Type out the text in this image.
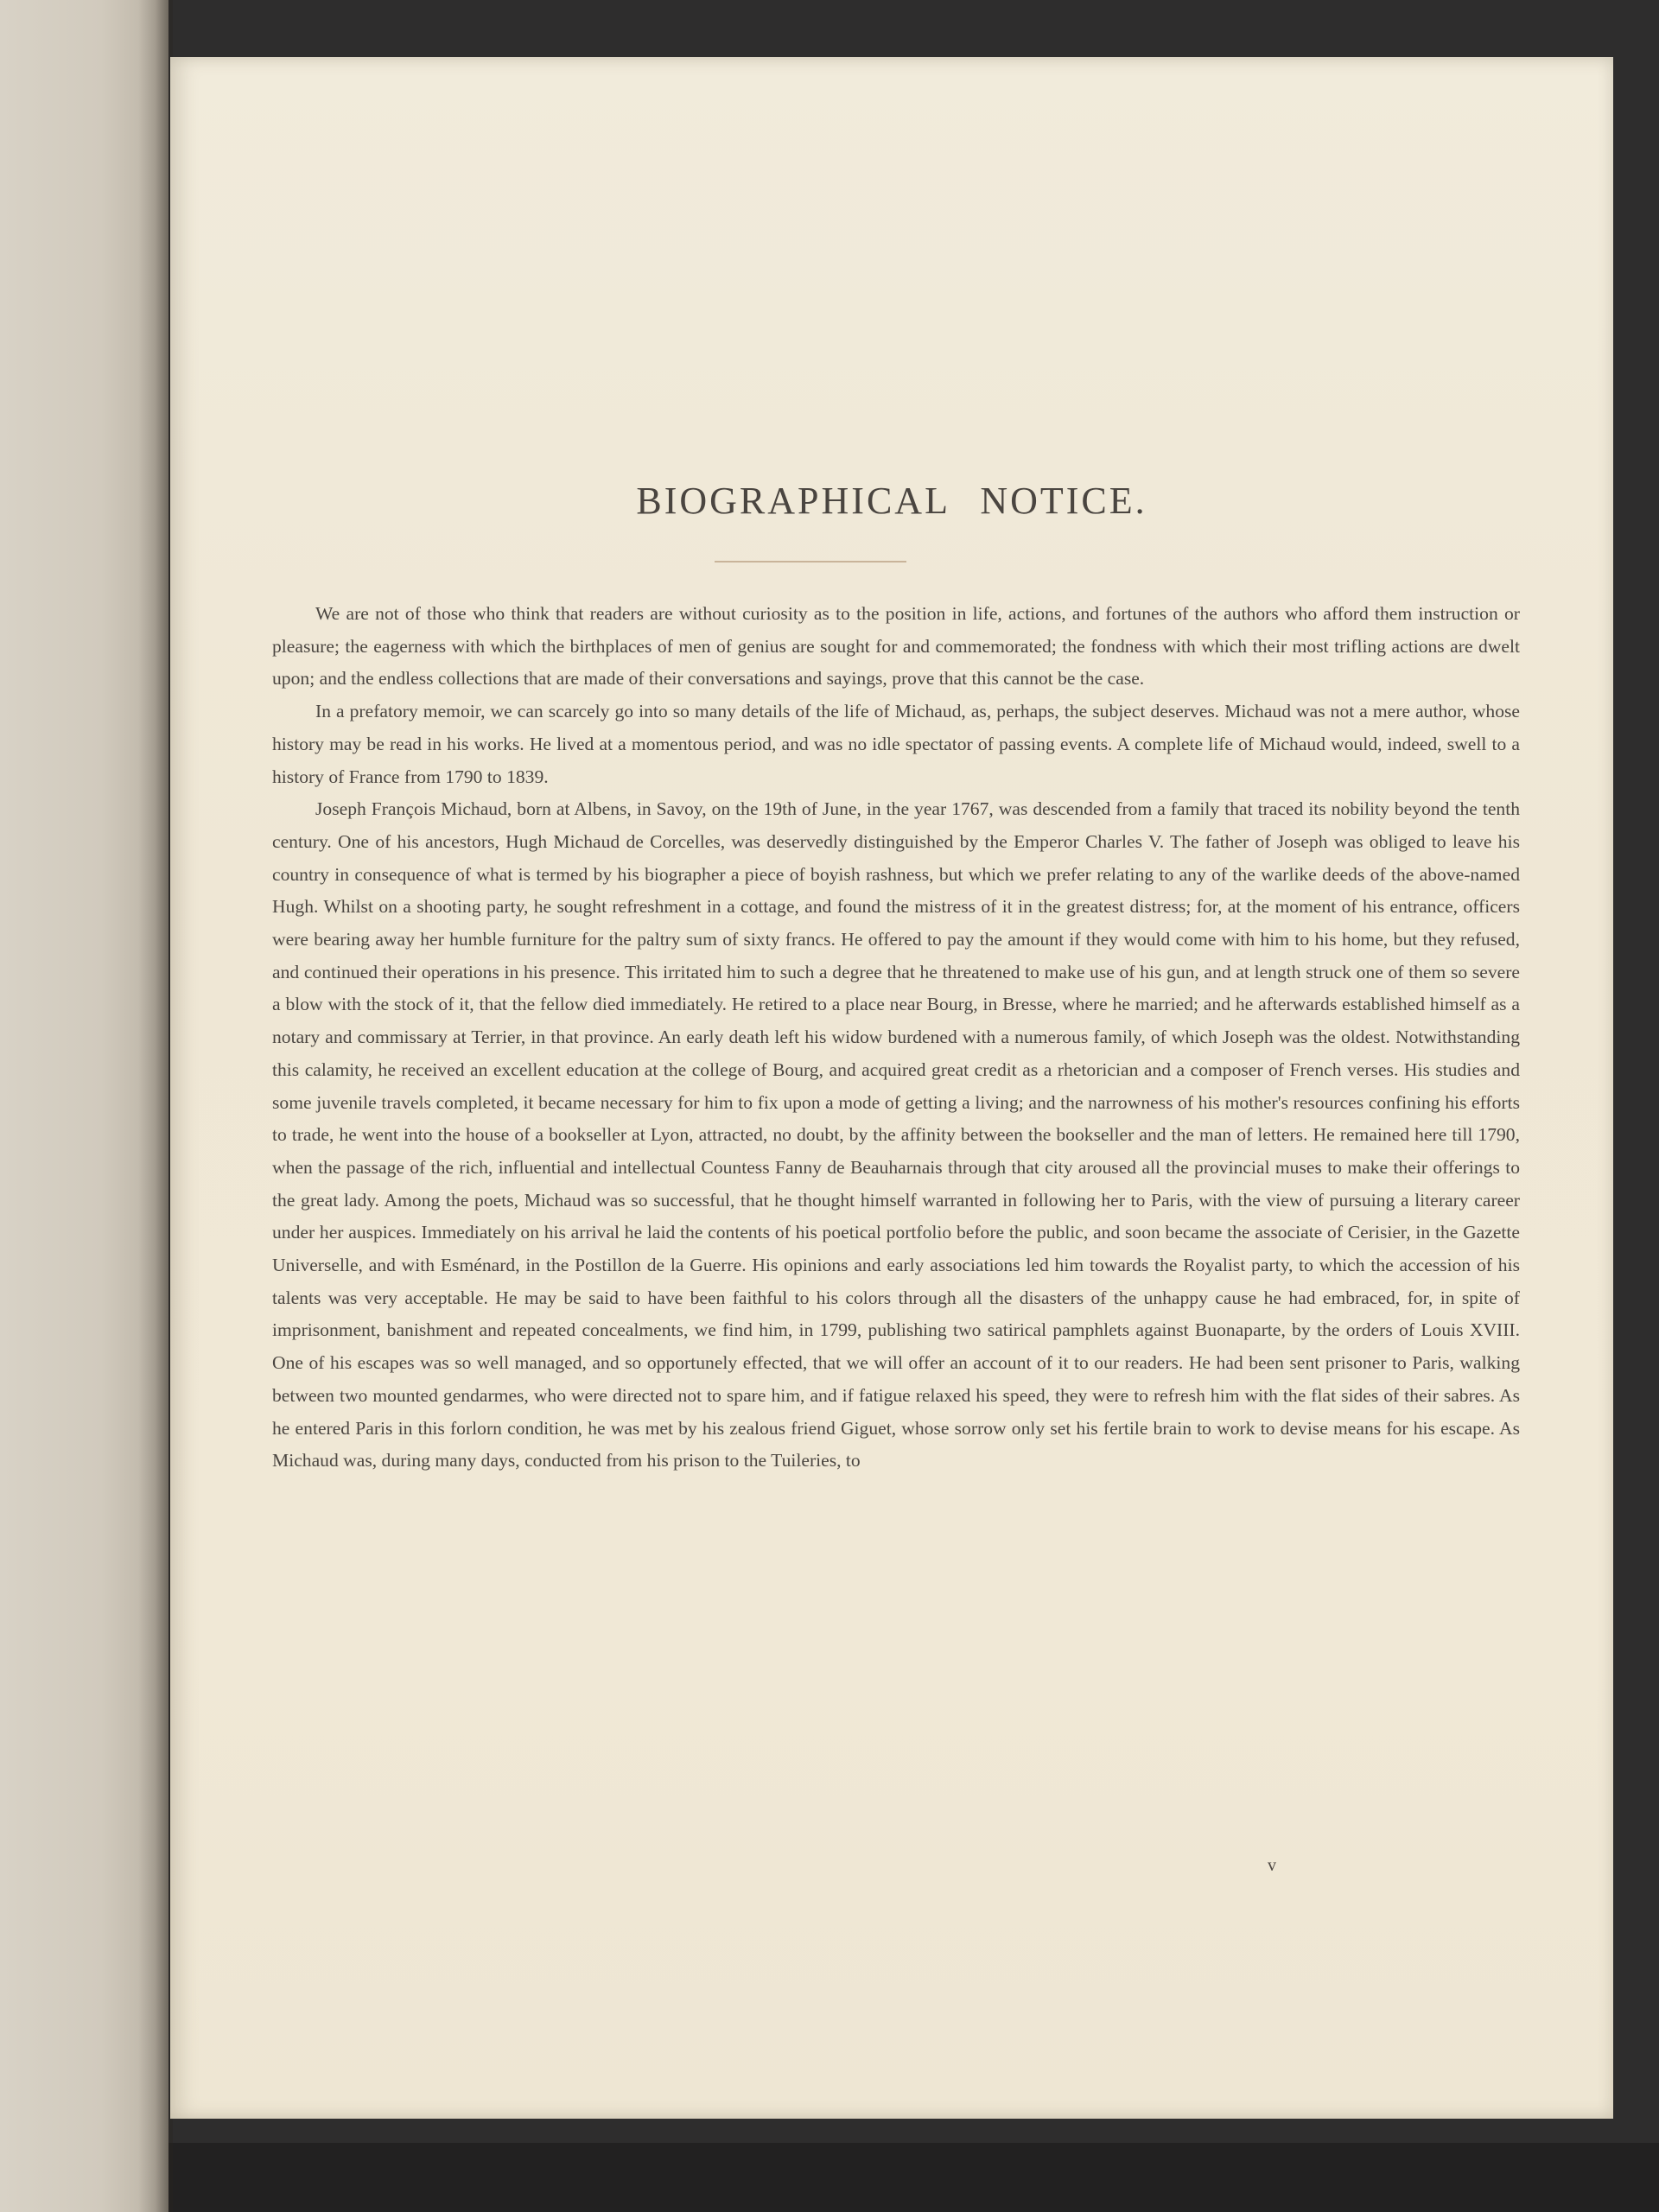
BIOGRAPHICAL NOTICE.

We are not of those who think that readers are without curiosity as to the position in life, actions, and fortunes of the authors who afford them instruction or pleasure; the eagerness with which the birthplaces of men of genius are sought for and commemorated; the fondness with which their most trifling actions are dwelt upon; and the endless collections that are made of their conversations and sayings, prove that this cannot be the case.

In a prefatory memoir, we can scarcely go into so many details of the life of Michaud, as, perhaps, the subject deserves. Michaud was not a mere author, whose history may be read in his works. He lived at a momentous period, and was no idle spectator of passing events. A complete life of Michaud would, indeed, swell to a history of France from 1790 to 1839.

Joseph François Michaud, born at Albens, in Savoy, on the 19th of June, in the year 1767, was descended from a family that traced its nobility beyond the tenth century. One of his ancestors, Hugh Michaud de Corcelles, was deservedly distinguished by the Emperor Charles V. The father of Joseph was obliged to leave his country in consequence of what is termed by his biographer a piece of boyish rashness, but which we prefer relating to any of the warlike deeds of the above-named Hugh. Whilst on a shooting party, he sought refreshment in a cottage, and found the mistress of it in the greatest distress; for, at the moment of his entrance, officers were bearing away her humble furniture for the paltry sum of sixty francs. He offered to pay the amount if they would come with him to his home, but they refused, and continued their operations in his presence. This irritated him to such a degree that he threatened to make use of his gun, and at length struck one of them so severe a blow with the stock of it, that the fellow died immediately. He retired to a place near Bourg, in Bresse, where he married; and he afterwards established himself as a notary and commissary at Terrier, in that province. An early death left his widow burdened with a numerous family, of which Joseph was the oldest. Notwithstanding this calamity, he received an excellent education at the college of Bourg, and acquired great credit as a rhetorician and a composer of French verses. His studies and some juvenile travels completed, it became necessary for him to fix upon a mode of getting a living; and the narrowness of his mother's resources confining his efforts to trade, he went into the house of a bookseller at Lyon, attracted, no doubt, by the affinity between the bookseller and the man of letters. He remained here till 1790, when the passage of the rich, influential and intellectual Countess Fanny de Beauharnais through that city aroused all the provincial muses to make their offerings to the great lady. Among the poets, Michaud was so successful, that he thought himself warranted in following her to Paris, with the view of pursuing a literary career under her auspices. Immediately on his arrival he laid the contents of his poetical portfolio before the public, and soon became the associate of Cerisier, in the Gazette Universelle, and with Esménard, in the Postillon de la Guerre. His opinions and early associations led him towards the Royalist party, to which the accession of his talents was very acceptable. He may be said to have been faithful to his colors through all the disasters of the unhappy cause he had embraced, for, in spite of imprisonment, banishment and repeated concealments, we find him, in 1799, publishing two satirical pamphlets against Buonaparte, by the orders of Louis XVIII. One of his escapes was so well managed, and so opportunely effected, that we will offer an account of it to our readers. He had been sent prisoner to Paris, walking between two mounted gendarmes, who were directed not to spare him, and if fatigue relaxed his speed, they were to refresh him with the flat sides of their sabres. As he entered Paris in this forlorn condition, he was met by his zealous friend Giguet, whose sorrow only set his fertile brain to work to devise means for his escape. As Michaud was, during many days, conducted from his prison to the Tuileries, to

v
